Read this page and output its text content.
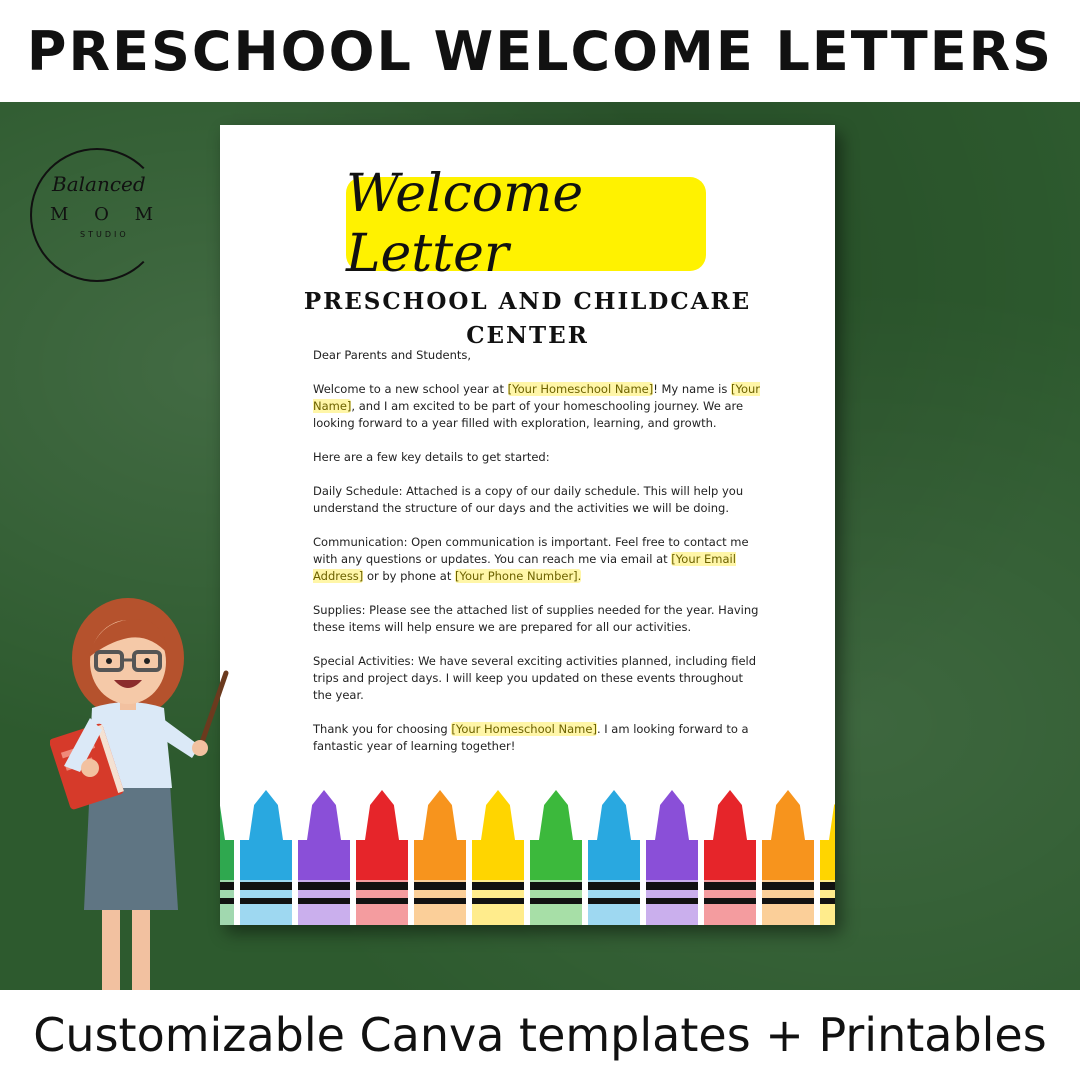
PRESCHOOL WELCOME LETTERS
Balanced
M O M
STUDIO
Welcome Letter
PRESCHOOL AND CHILDCARE
CENTER

Dear Parents and Students,

Welcome to a new school year at [Your Homeschool Name]! My name is [Your Name], and I am excited to be part of your homeschooling journey. We are looking forward to a year filled with exploration, learning, and growth.

Here are a few key details to get started:

Daily Schedule: Attached is a copy of our daily schedule. This will help you understand the structure of our days and the activities we will be doing.

Communication: Open communication is important. Feel free to contact me with any questions or updates. You can reach me via email at [Your Email Address] or by phone at [Your Phone Number].

Supplies: Please see the attached list of supplies needed for the year. Having these items will help ensure we are prepared for all our activities.

Special Activities: We have several exciting activities planned, including field trips and project days. I will keep you updated on these events throughout the year.

Thank you for choosing [Your Homeschool Name]. I am looking forward to a fantastic year of learning together!

Customizable Canva templates + Printables
